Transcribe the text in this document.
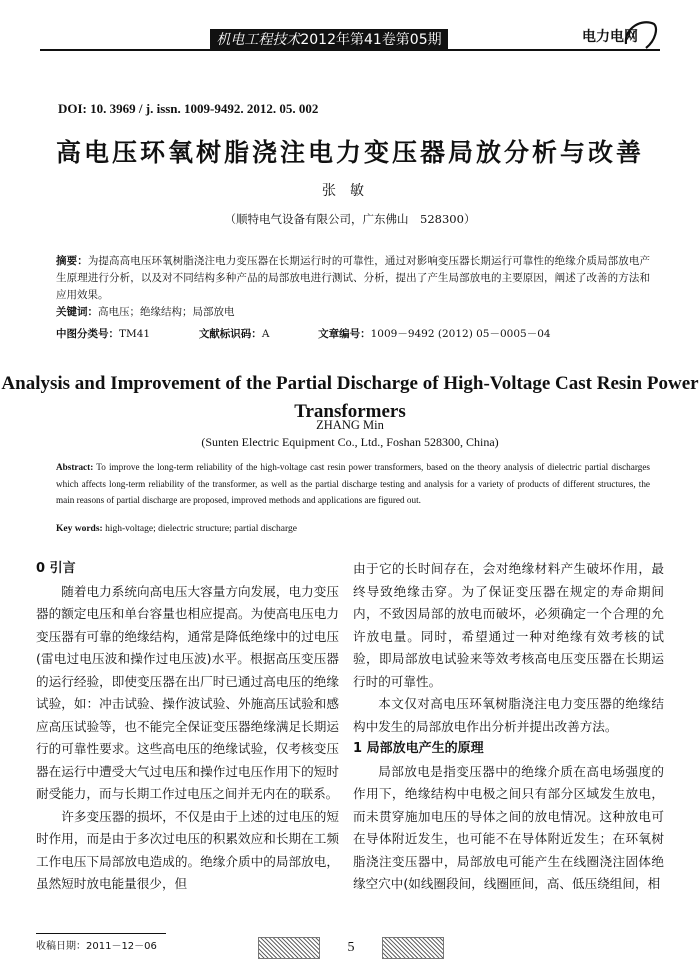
机电工程技术2012年第41卷第05期	电力电网
DOI: 10. 3969 / j. issn. 1009-9492. 2012. 05. 002
高电压环氧树脂浇注电力变压器局放分析与改善
张敏
（顺特电气设备有限公司，广东佛山　528300）
摘要：为提高高电压环氧树脂浇注电力变压器在长期运行时的可靠性，通过对影响变压器长期运行可靠性的绝缘介质局部放电产生原理进行分析，以及对不同结构多种产品的局部放电进行测试、分析，提出了产生局部放电的主要原因，阐述了改善的方法和应用效果。
关键词：高电压；绝缘结构；局部放电
中图分类号：TM41	文献标识码：A	文章编号：1009－9492 (2012) 05－0005－04
Analysis and Improvement of the Partial Discharge of High-Voltage Cast Resin Power Transformers
ZHANG Min
(Sunten Electric Equipment Co., Ltd., Foshan 528300, China)
Abstract: To improve the long-term reliability of the high-voltage cast resin power transformers, based on the theory analysis of dielectric partial discharges which affects long-term reliability of the transformer, as well as the partial discharge testing and analysis for a variety of products of different structures, the main reasons of partial discharge are proposed, improved methods and applications are figured out.
Key words: high-voltage; dielectric structure; partial discharge
0 引言

随着电力系统向高电压大容量方向发展，电力变压器的额定电压和单台容量也相应提高。为使高电压电力变压器有可靠的绝缘结构，通常是降低绝缘中的过电压(雷电过电压波和操作过电压波)水平。根据高压变压器的运行经验，即使变压器在出厂时已通过高电压的绝缘试验，如：冲击试验、操作波试验、外施高压试验和感应高压试验等，也不能完全保证变压器绝缘满足长期运行的可靠性要求。这些高电压的绝缘试验，仅考核变压器在运行中遭受大气过电压和操作过电压作用下的短时耐受能力，而与长期工作过电压之间并无内在的联系。

许多变压器的损坏，不仅是由于上述的过电压的短时作用，而是由于多次过电压的积累效应和长期在工频工作电压下局部放电造成的。绝缘介质中的局部放电，虽然短时放电能量很少，但

由于它的长时间存在，会对绝缘材料产生破坏作用，最终导致绝缘击穿。为了保证变压器在规定的寿命期间内，不致因局部的放电而破坏，必须确定一个合理的允许放电量。同时，希望通过一种对绝缘有效考核的试验，即局部放电试验来等效考核高电压变压器在长期运行时的可靠性。

本文仅对高电压环氧树脂浇注电力变压器的绝缘结构中发生的局部放电作出分析并提出改善方法。

1 局部放电产生的原理

局部放电是指变压器中的绝缘介质在高电场强度的作用下，绝缘结构中电极之间只有部分区域发生放电，而未贯穿施加电压的导体之间的放电情况。这种放电可在导体附近发生，也可能不在导体附近发生；在环氧树脂浇注变压器中，局部放电可能产生在线圈浇注固体绝缘空穴中(如线圈段间，线圈匝间，高、低压绕组间，相

收稿日期：2011－12－06	5
